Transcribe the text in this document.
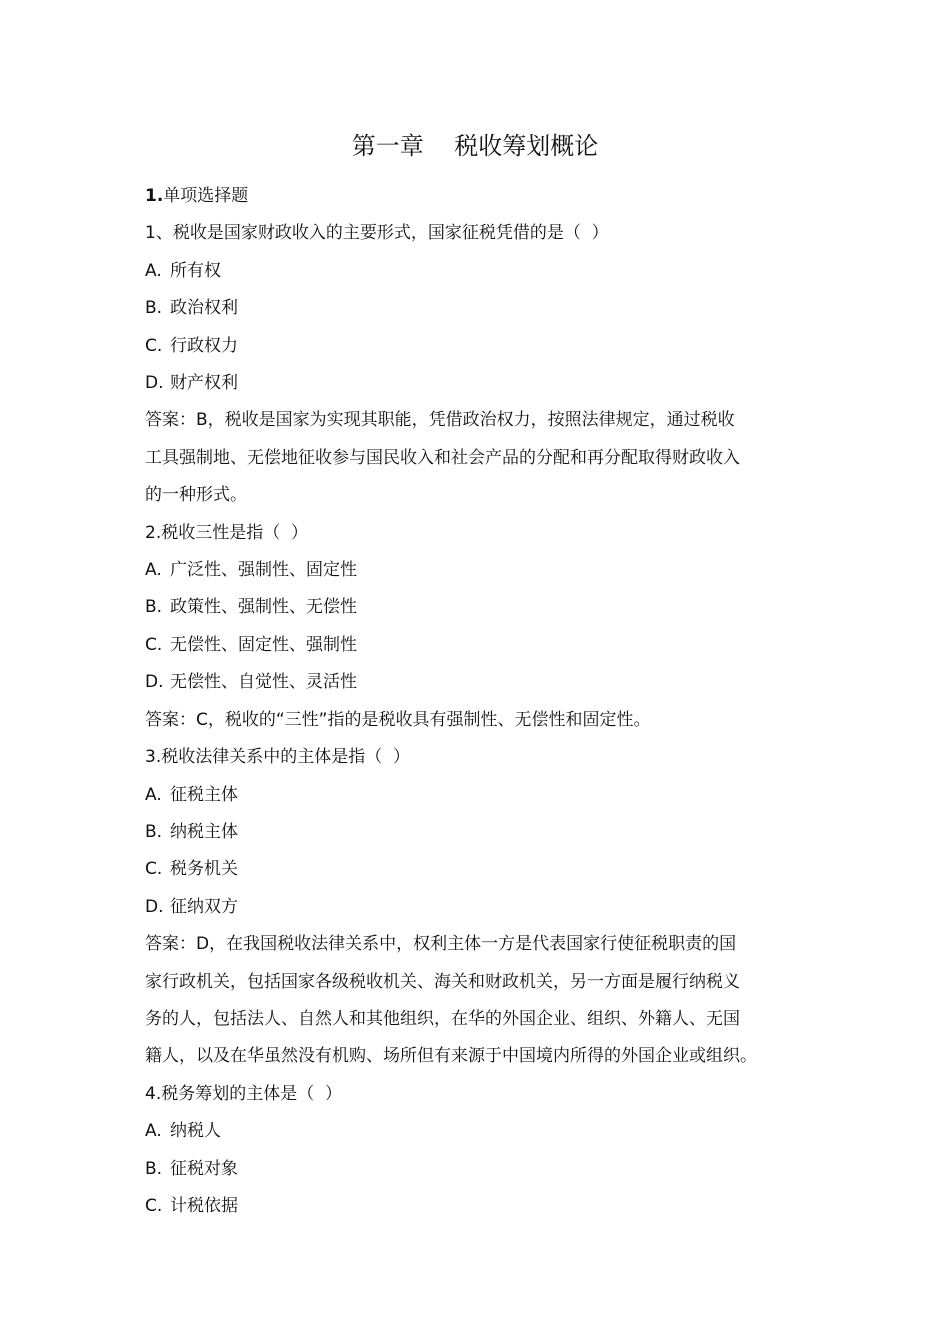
第一章    税收筹划概论
1.单项选择题
1、税收是国家财政收入的主要形式，国家征税凭借的是（  ）
A. 所有权
B. 政治权利
C. 行政权力
D. 财产权利
答案：B，税收是国家为实现其职能，凭借政治权力，按照法律规定，通过税收
工具强制地、无偿地征收参与国民收入和社会产品的分配和再分配取得财政收入
的一种形式。
2.税收三性是指（  ）
A. 广泛性、强制性、固定性
B. 政策性、强制性、无偿性
C. 无偿性、固定性、强制性
D. 无偿性、自觉性、灵活性
答案：C，税收的“三性”指的是税收具有强制性、无偿性和固定性。
3.税收法律关系中的主体是指（  ）
A. 征税主体
B. 纳税主体
C. 税务机关
D. 征纳双方
答案：D，在我国税收法律关系中，权利主体一方是代表国家行使征税职责的国
家行政机关，包括国家各级税收机关、海关和财政机关，另一方面是履行纳税义
务的人，包括法人、自然人和其他组织，在华的外国企业、组织、外籍人、无国
籍人，以及在华虽然没有机购、场所但有来源于中国境内所得的外国企业或组织。
4.税务筹划的主体是（  ）
A. 纳税人
B. 征税对象
C. 计税依据
